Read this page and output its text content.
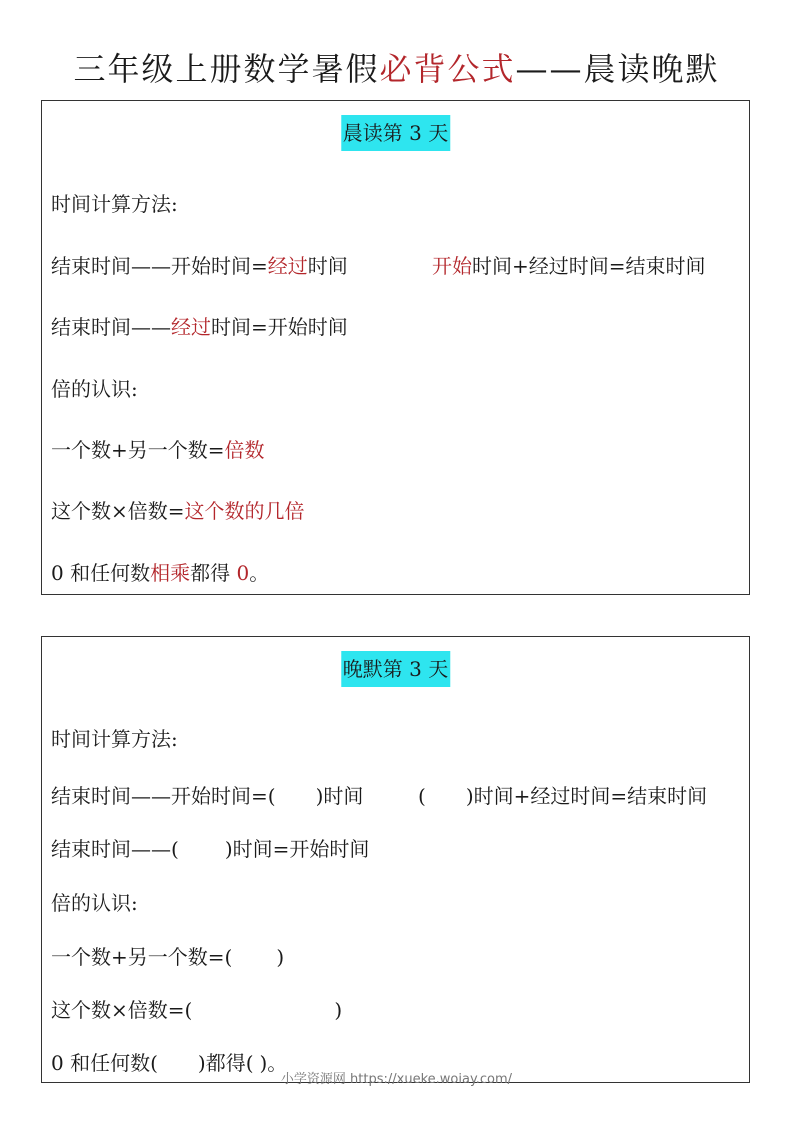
三年级上册数学暑假必背公式——晨读晚默
晨读第 3 天
时间计算方法:
结束时间——开始时间=经过时间	开始时间+经过时间=结束时间
结束时间——经过时间=开始时间
倍的认识:
一个数+另一个数=倍数
这个数×倍数=这个数的几倍
0 和任何数相乘都得 0。
晚默第 3 天
时间计算方法:
结束时间——开始时间=( )时间	( )时间+经过时间=结束时间
结束时间——( )时间=开始时间
倍的认识:
一个数+另一个数=( )
这个数×倍数=(	)
0 和任何数( )都得( )。
小学资源网 https://xueke.woiay.com/
